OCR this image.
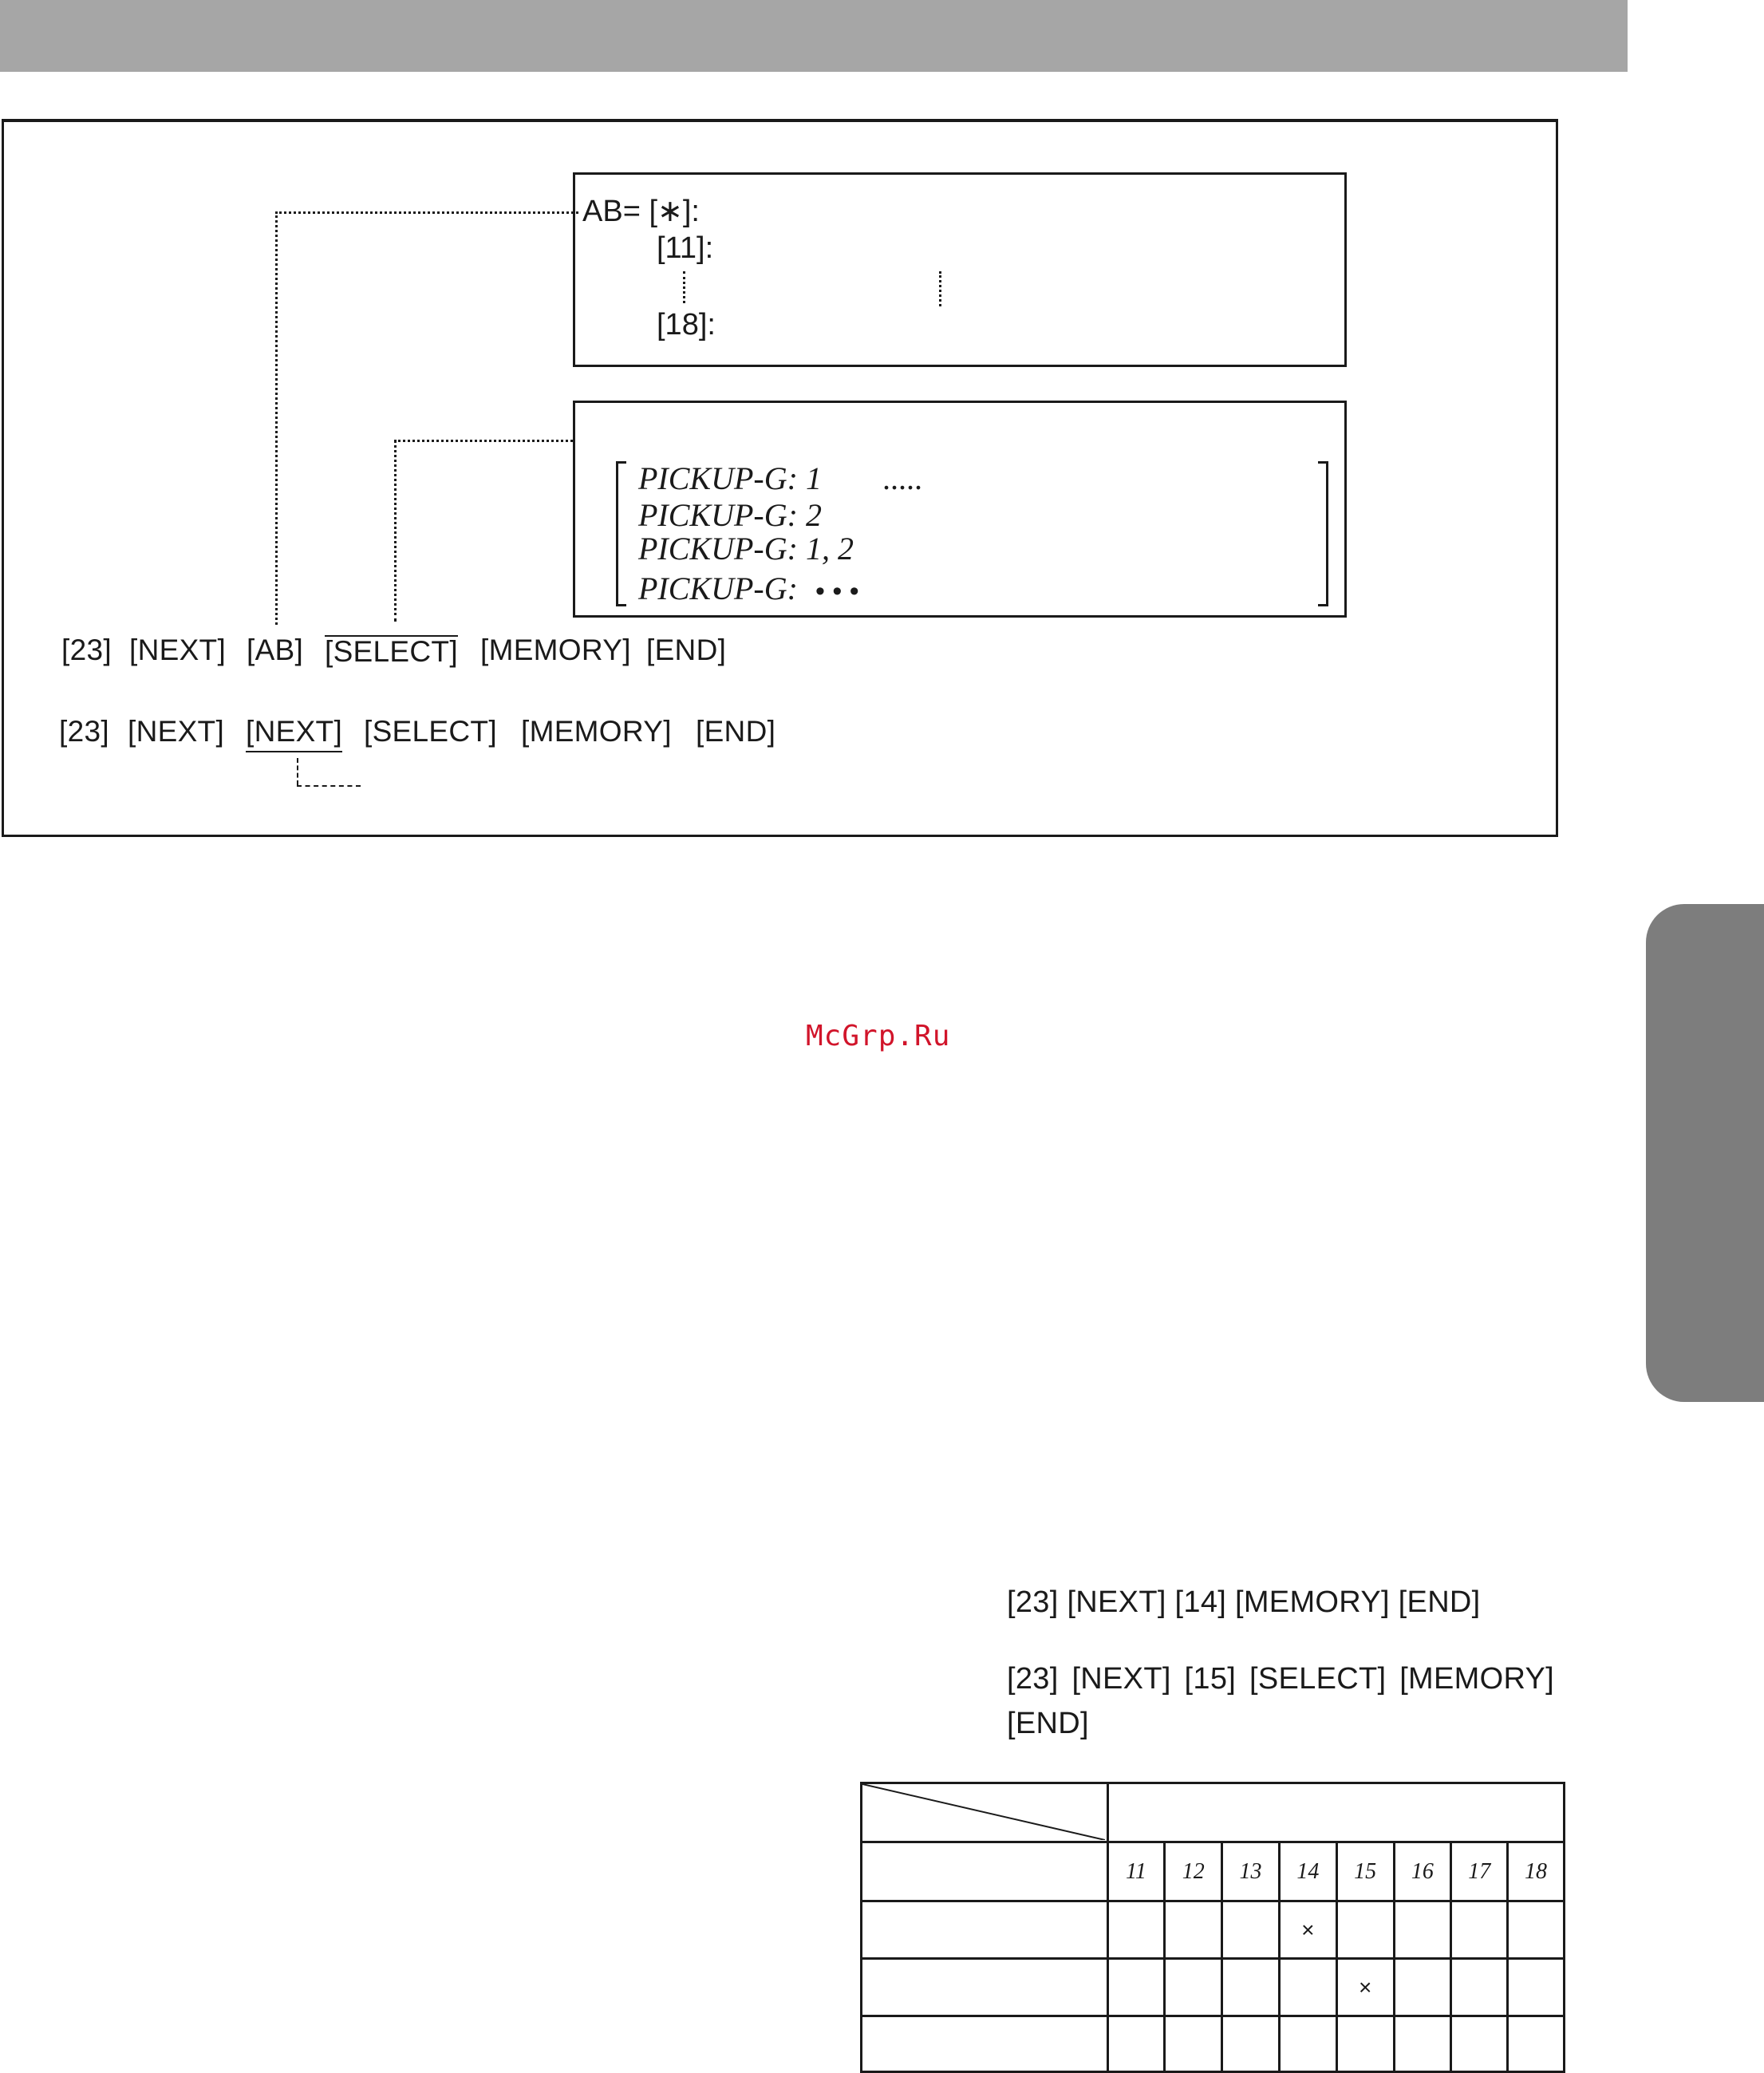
AB= [∗]:
[11]:
[18]:
PICKUP-G: 1 .....
PICKUP-G: 2
PICKUP-G: 1, 2
PICKUP-G: • • •
[23] [NEXT] [AB] [SELECT] [MEMORY] [END]
[23] [NEXT] [NEXT] [SELECT] [MEMORY] [END]
McGrp.Ru
[23] [NEXT] [14] [MEMORY] [END]
[23] [NEXT] [15] [SELECT] [MEMORY]
[END]

	11	12	13	14	15	16	17	18
				×				
					×			
